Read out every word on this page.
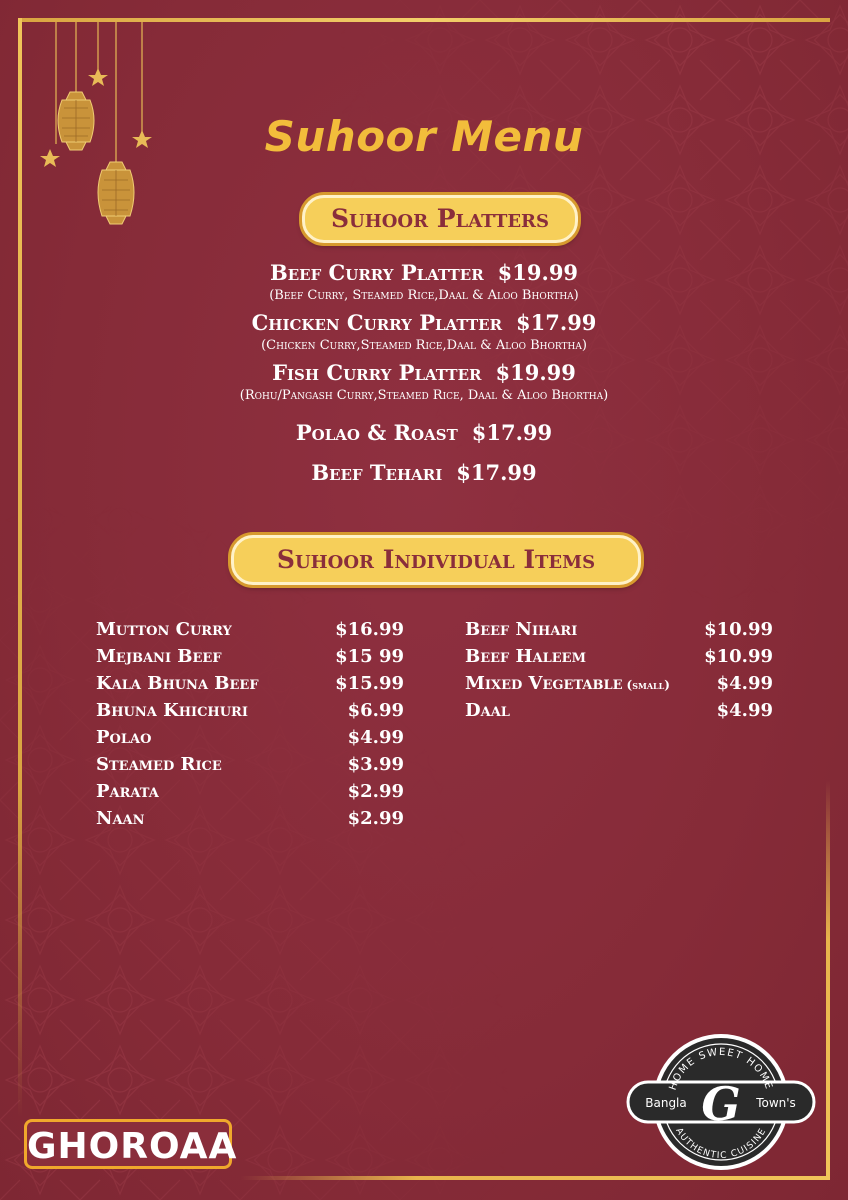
Suhoor Menu
Suhoor Platters
Beef Curry Platter $19.99
(Beef Curry, Steamed Rice,Daal & Aloo Bhortha)
Chicken Curry Platter $17.99
(Chicken Curry,Steamed Rice,Daal & Aloo Bhortha)
Fish Curry Platter $19.99
(Rohu/Pangash Curry,Steamed Rice, Daal & Aloo Bhortha)
Polao & Roast $17.99
Beef Tehari $17.99
Suhoor Individual Items
Mutton Curry	$16.99
Mejbani Beef	$15 99
Kala Bhuna Beef	$15.99
Bhuna Khichuri	$6.99
Polao	$4.99
Steamed Rice	$3.99
Parata	$2.99
Naan	$2.99
Beef Nihari	$10.99
Beef Haleem	$10.99
Mixed Vegetable (small)	$4.99
Daal	$4.99
GHOROAA
HOME SWEET HOME
AUTHENTIC CUISINE
Bangla	Town's
G
